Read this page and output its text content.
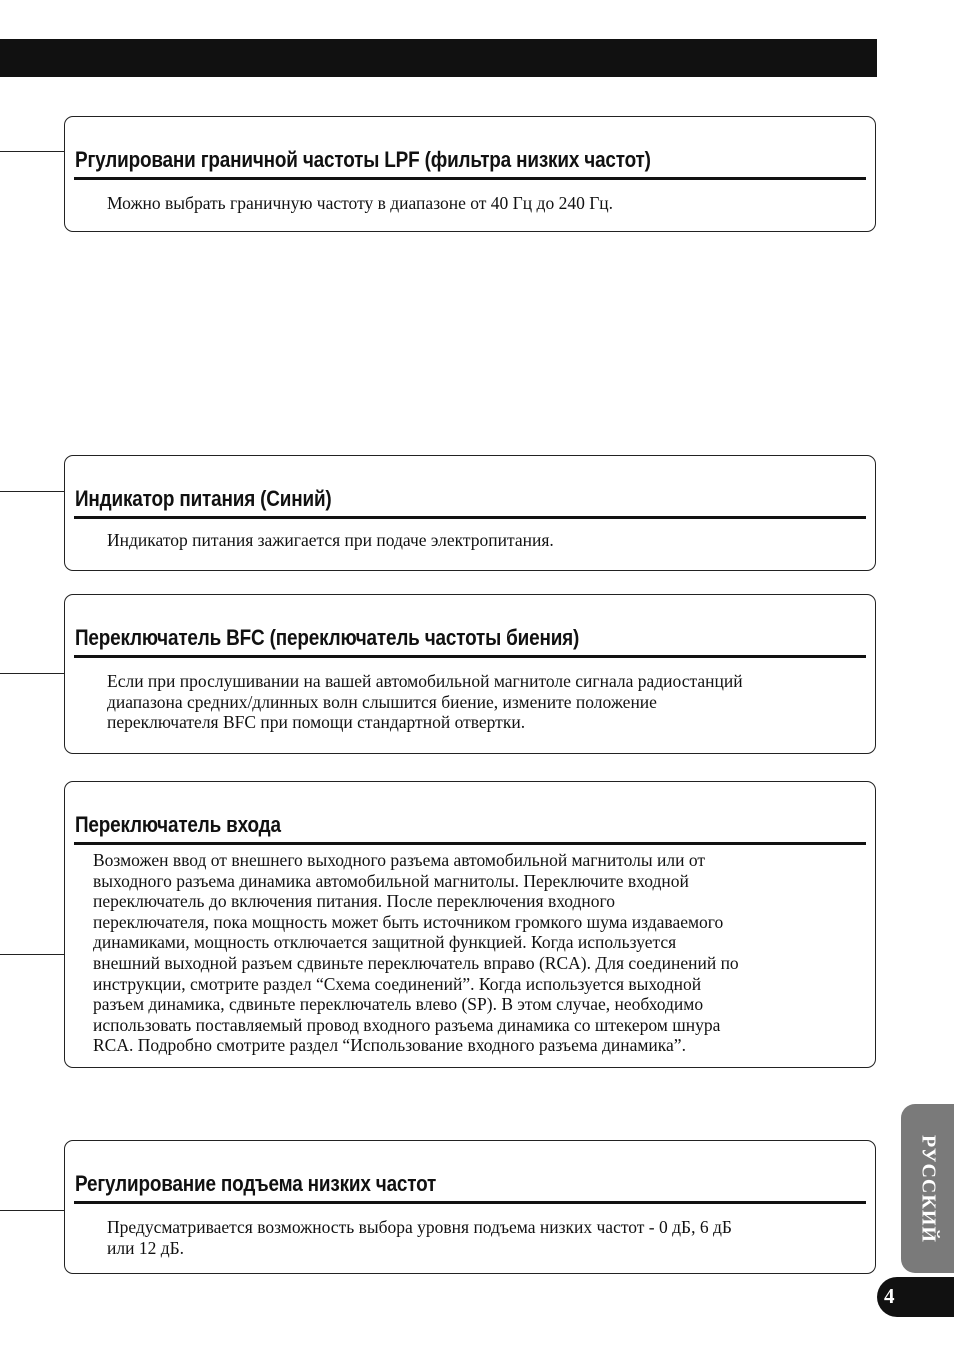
Ргулировани граничной частоты LPF (фильтра низких частот)

Можно выбрать граничную частоту в диапазоне от 40 Гц до 240 Гц.

Индикатор питания (Синий)

Индикатор питания зажигается при подаче электропитания.

Переключатель BFC (переключатель частоты биения)
Если при прослушивании на вашей автомобильной магнитоле сигнала радиостанций
диапазона средних/длинных волн слышится биение, измените положение
переключателя BFC при помощи стандартной отвертки.
Переключатель входа
Возможен ввод от внешнего выходного разъема автомобильной магнитолы или от
выходного разъема динамика автомобильной магнитолы. Переключите входной
переключатель до включения питания. После переключения входного
переключателя, пока мощность может быть источником громкого шума издаваемого
динамиками, мощность отключается защитной функцией. Когда используется
внешний выходной разъем сдвиньте переключатель вправо (RCA). Для соединений по
инструкции, смотрите раздел “Схема соединений”. Когда используется выходной
разъем динамика, сдвиньте переключатель влево (SP). В этом случае, необходимо
использовать поставляемый провод входного разъема динамика со штекером шнура
RCA. Подробно смотрите раздел “Использование входного разъема динамика”.
Регулирование подъема низких частот
Предусматривается возможность выбора уровня подъема низких частот - 0 дБ, 6 дБ
или 12 дБ.
РУССКИЙ
4
